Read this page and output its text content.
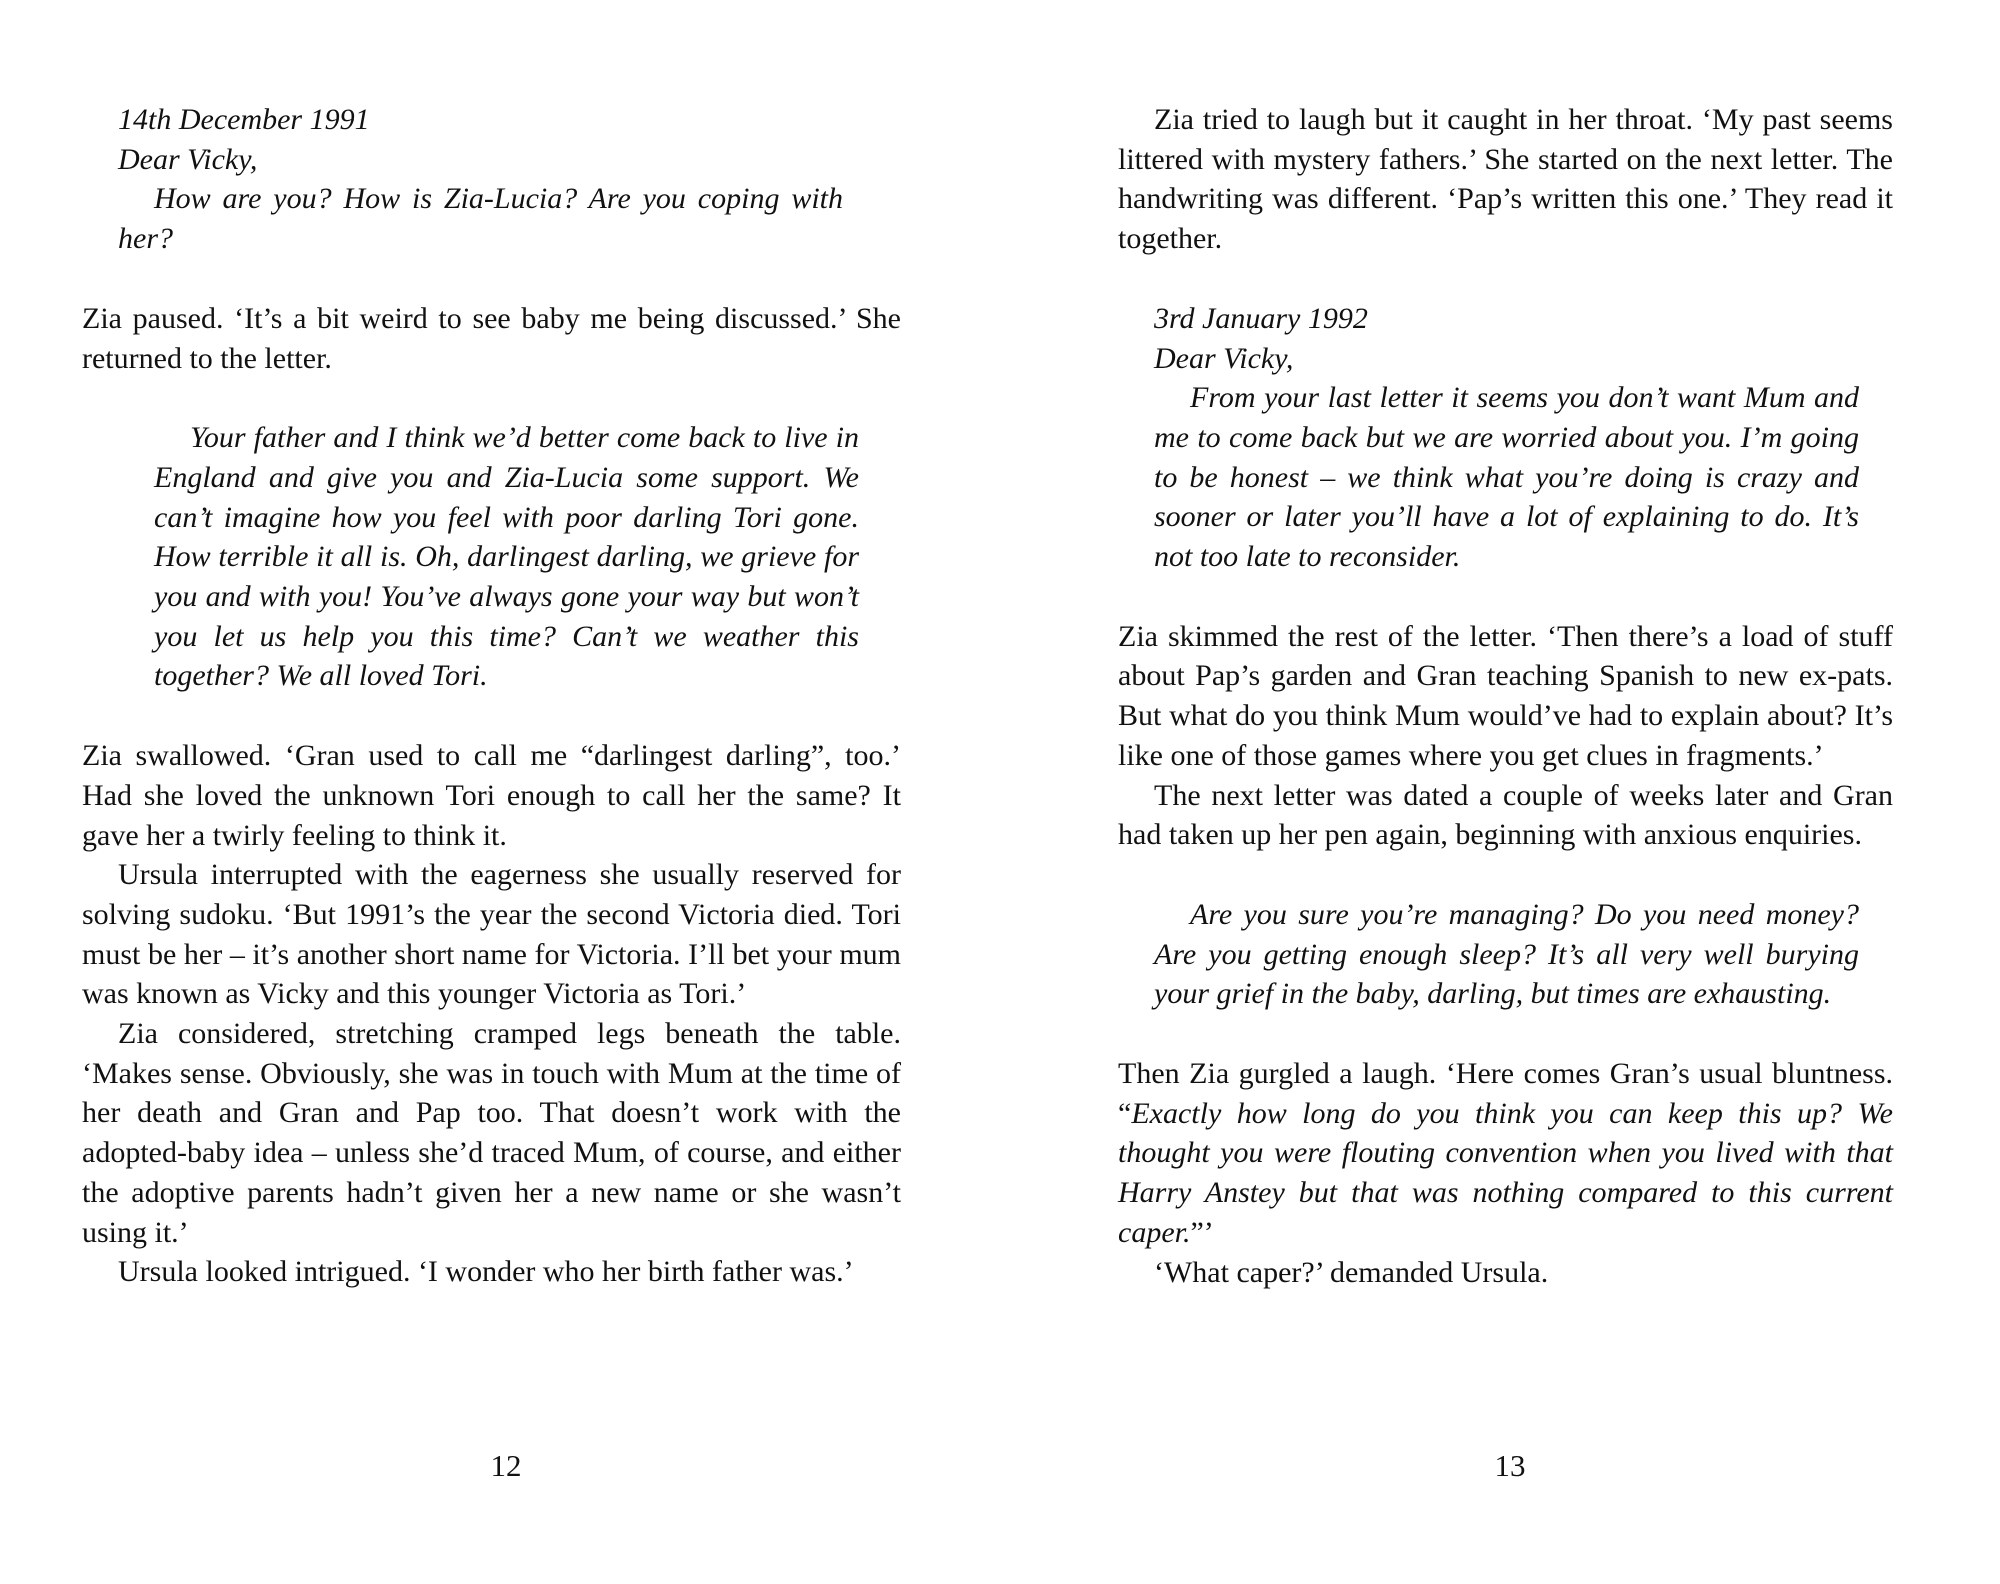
14th December 1991

Dear Vicky,

How are you? How is Zia-Lucia? Are you coping with her?

Zia paused. ‘It’s a bit weird to see baby me being discussed.’ She returned to the letter.

Your father and I think we’d better come back to live in England and give you and Zia-Lucia some support. We can’t imagine how you feel with poor darling Tori gone. How terrible it all is. Oh, darlingest darling, we grieve for you and with you! You’ve always gone your way but won’t you let us help you this time? Can’t we weather this together? We all loved Tori.

Zia swallowed. ‘Gran used to call me “darlingest darling”, too.’ Had she loved the unknown Tori enough to call her the same? It gave her a twirly feeling to think it.

Ursula interrupted with the eagerness she usually reserved for solving sudoku. ‘But 1991’s the year the second Victoria died. Tori must be her – it’s another short name for Victoria. I’ll bet your mum was known as Vicky and this younger Victoria as Tori.’

Zia considered, stretching cramped legs beneath the table. ‘Makes sense. Obviously, she was in touch with Mum at the time of her death and Gran and Pap too. That doesn’t work with the adopted-baby idea – unless she’d traced Mum, of course, and either the adoptive parents hadn’t given her a new name or she wasn’t using it.’

Ursula looked intrigued. ‘I wonder who her birth father was.’

12

Zia tried to laugh but it caught in her throat. ‘My past seems littered with mystery fathers.’ She started on the next letter. The handwriting was different. ‘Pap’s written this one.’ They read it together.

3rd January 1992

Dear Vicky,

From your last letter it seems you don’t want Mum and me to come back but we are worried about you. I’m going to be honest – we think what you’re doing is crazy and sooner or later you’ll have a lot of explaining to do. It’s not too late to reconsider.

Zia skimmed the rest of the letter. ‘Then there’s a load of stuff about Pap’s garden and Gran teaching Spanish to new ex-pats. But what do you think Mum would’ve had to explain about? It’s like one of those games where you get clues in fragments.’

The next letter was dated a couple of weeks later and Gran had taken up her pen again, beginning with anxious enquiries.

Are you sure you’re managing? Do you need money? Are you getting enough sleep? It’s all very well burying your grief in the baby, darling, but times are exhausting.

Then Zia gurgled a laugh. ‘Here comes Gran’s usual bluntness. “Exactly how long do you think you can keep this up? We thought you were flouting convention when you lived with that Harry Anstey but that was nothing compared to this current caper.”’

‘What caper?’ demanded Ursula.

13
